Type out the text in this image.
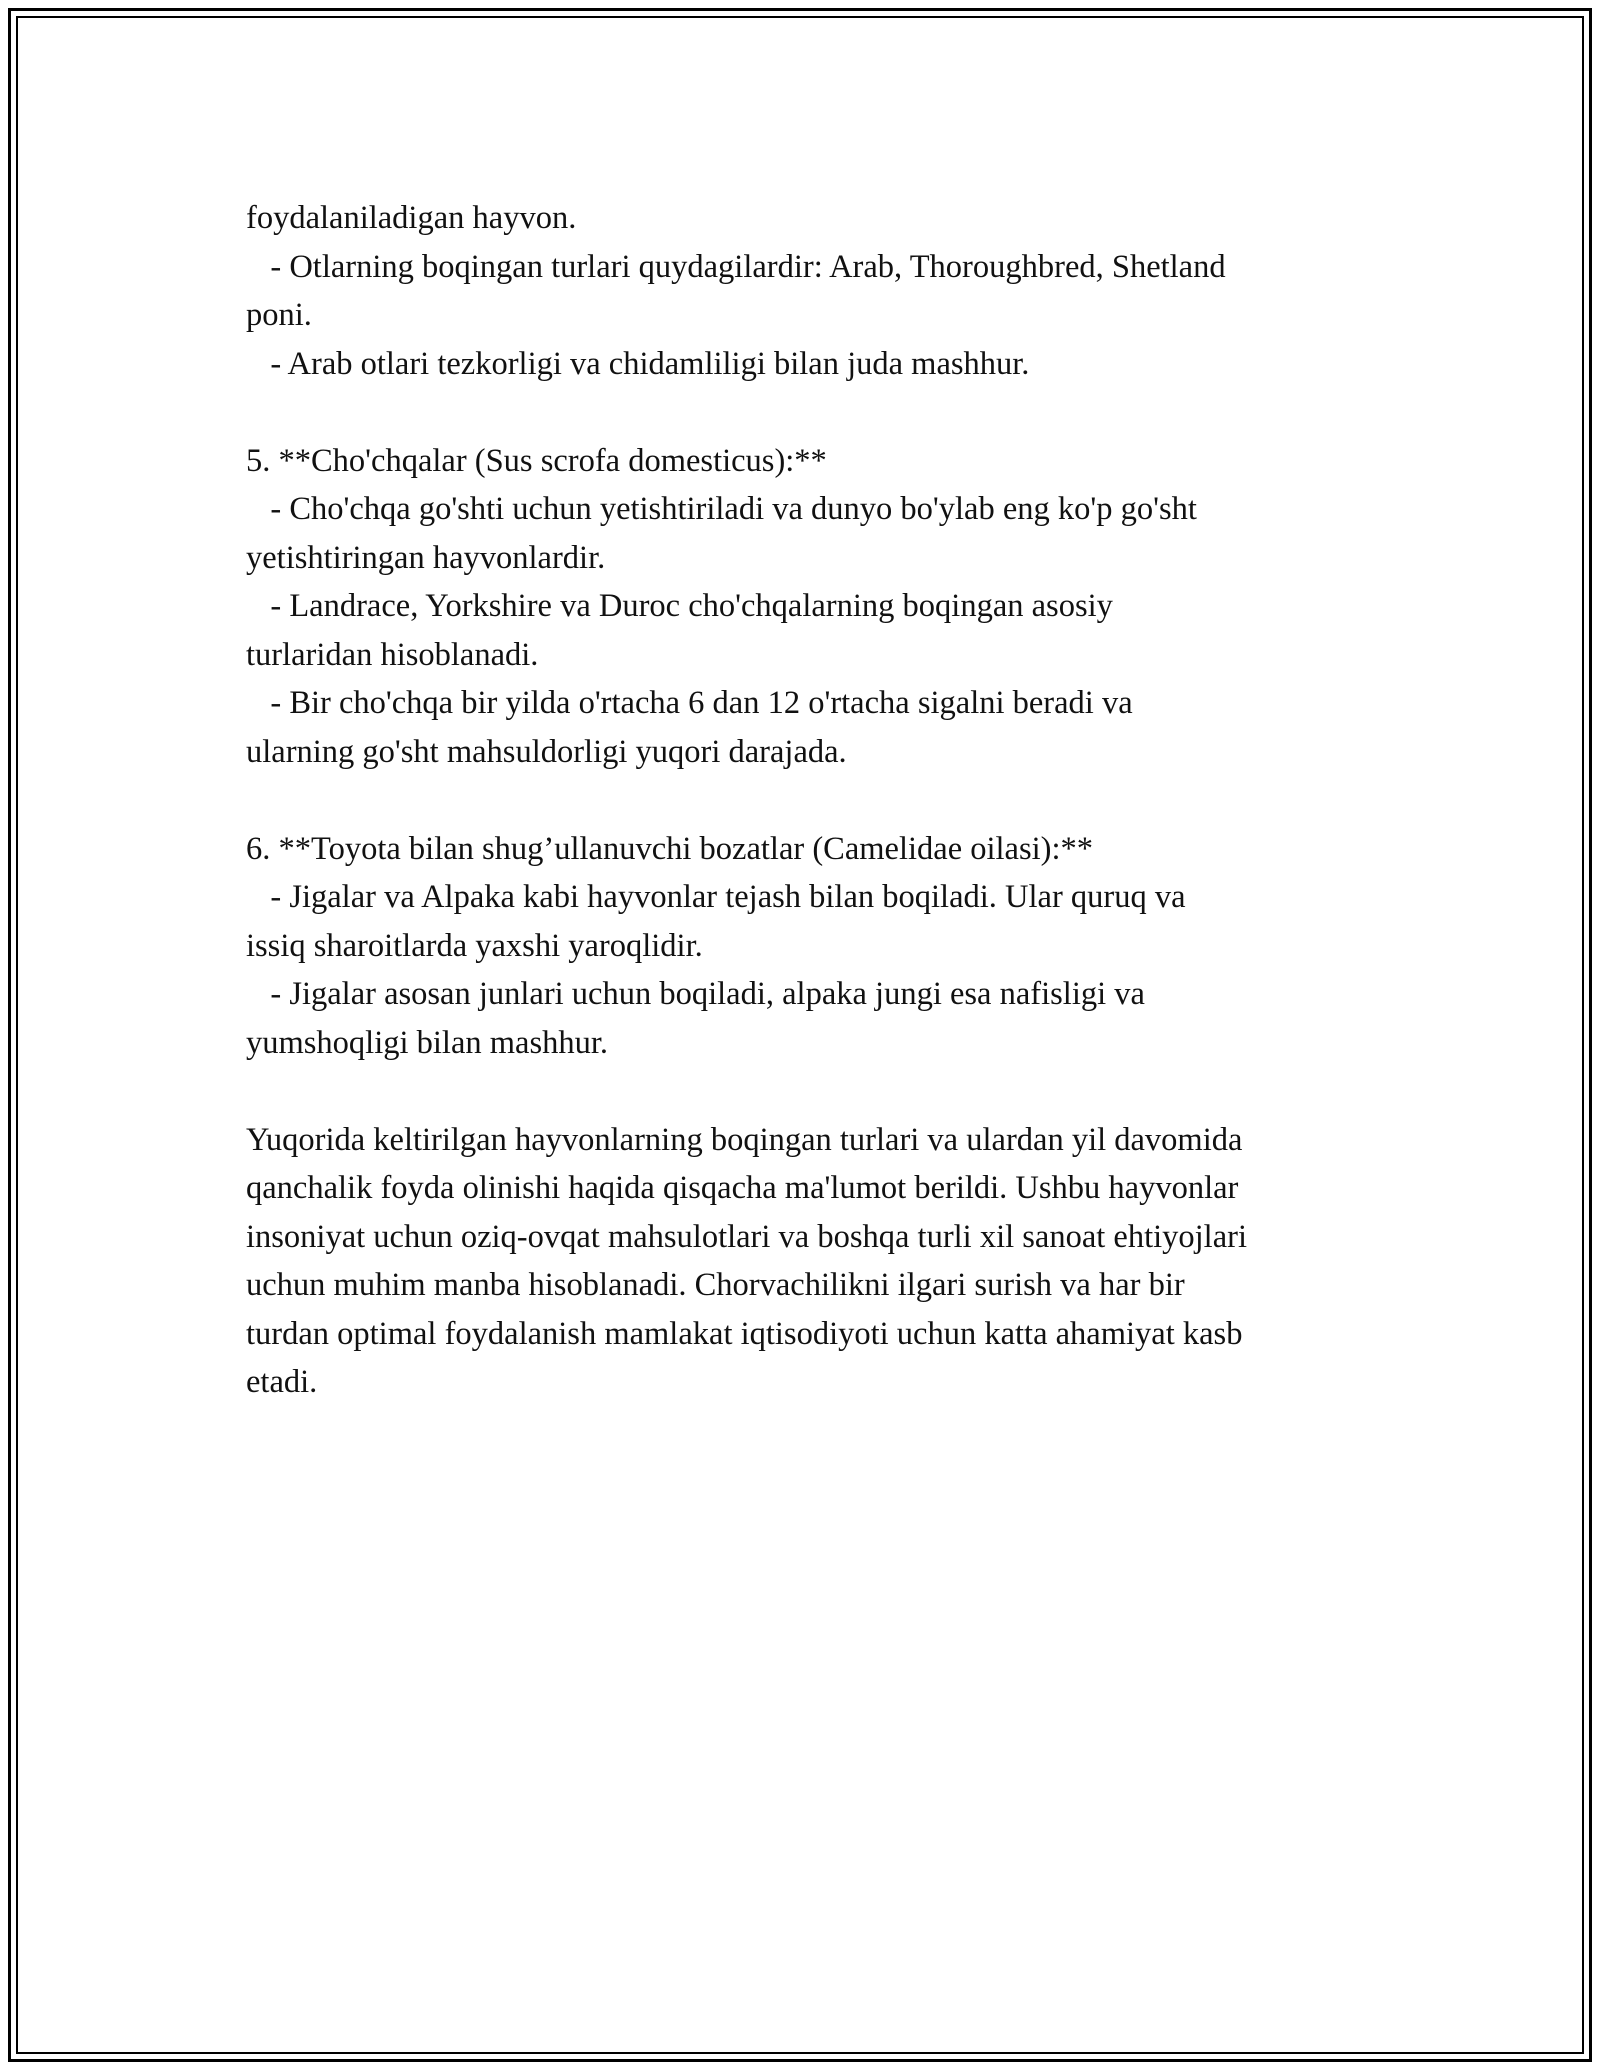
foydalaniladigan hayvon.
- Otlarning boqingan turlari quydagilardir: Arab, Thoroughbred, Shetland
poni.
- Arab otlari tezkorligi va chidamliligi bilan juda mashhur.
5. **Cho'chqalar (Sus scrofa domesticus):**
- Cho'chqa go'shti uchun yetishtiriladi va dunyo bo'ylab eng ko'p go'sht
yetishtiringan hayvonlardir.
- Landrace, Yorkshire va Duroc cho'chqalarning boqingan asosiy
turlaridan hisoblanadi.
- Bir cho'chqa bir yilda o'rtacha 6 dan 12 o'rtacha sigalni beradi va
ularning go'sht mahsuldorligi yuqori darajada.
6. **Toyota bilan shug’ullanuvchi bozatlar (Camelidae oilasi):**
- Jigalar va Alpaka kabi hayvonlar tejash bilan boqiladi. Ular quruq va
issiq sharoitlarda yaxshi yaroqlidir.
- Jigalar asosan junlari uchun boqiladi, alpaka jungi esa nafisligi va
yumshoqligi bilan mashhur.
Yuqorida keltirilgan hayvonlarning boqingan turlari va ulardan yil davomida
qanchalik foyda olinishi haqida qisqacha ma'lumot berildi. Ushbu hayvonlar
insoniyat uchun oziq-ovqat mahsulotlari va boshqa turli xil sanoat ehtiyojlari
uchun muhim manba hisoblanadi. Chorvachilikni ilgari surish va har bir
turdan optimal foydalanish mamlakat iqtisodiyoti uchun katta ahamiyat kasb
etadi.
